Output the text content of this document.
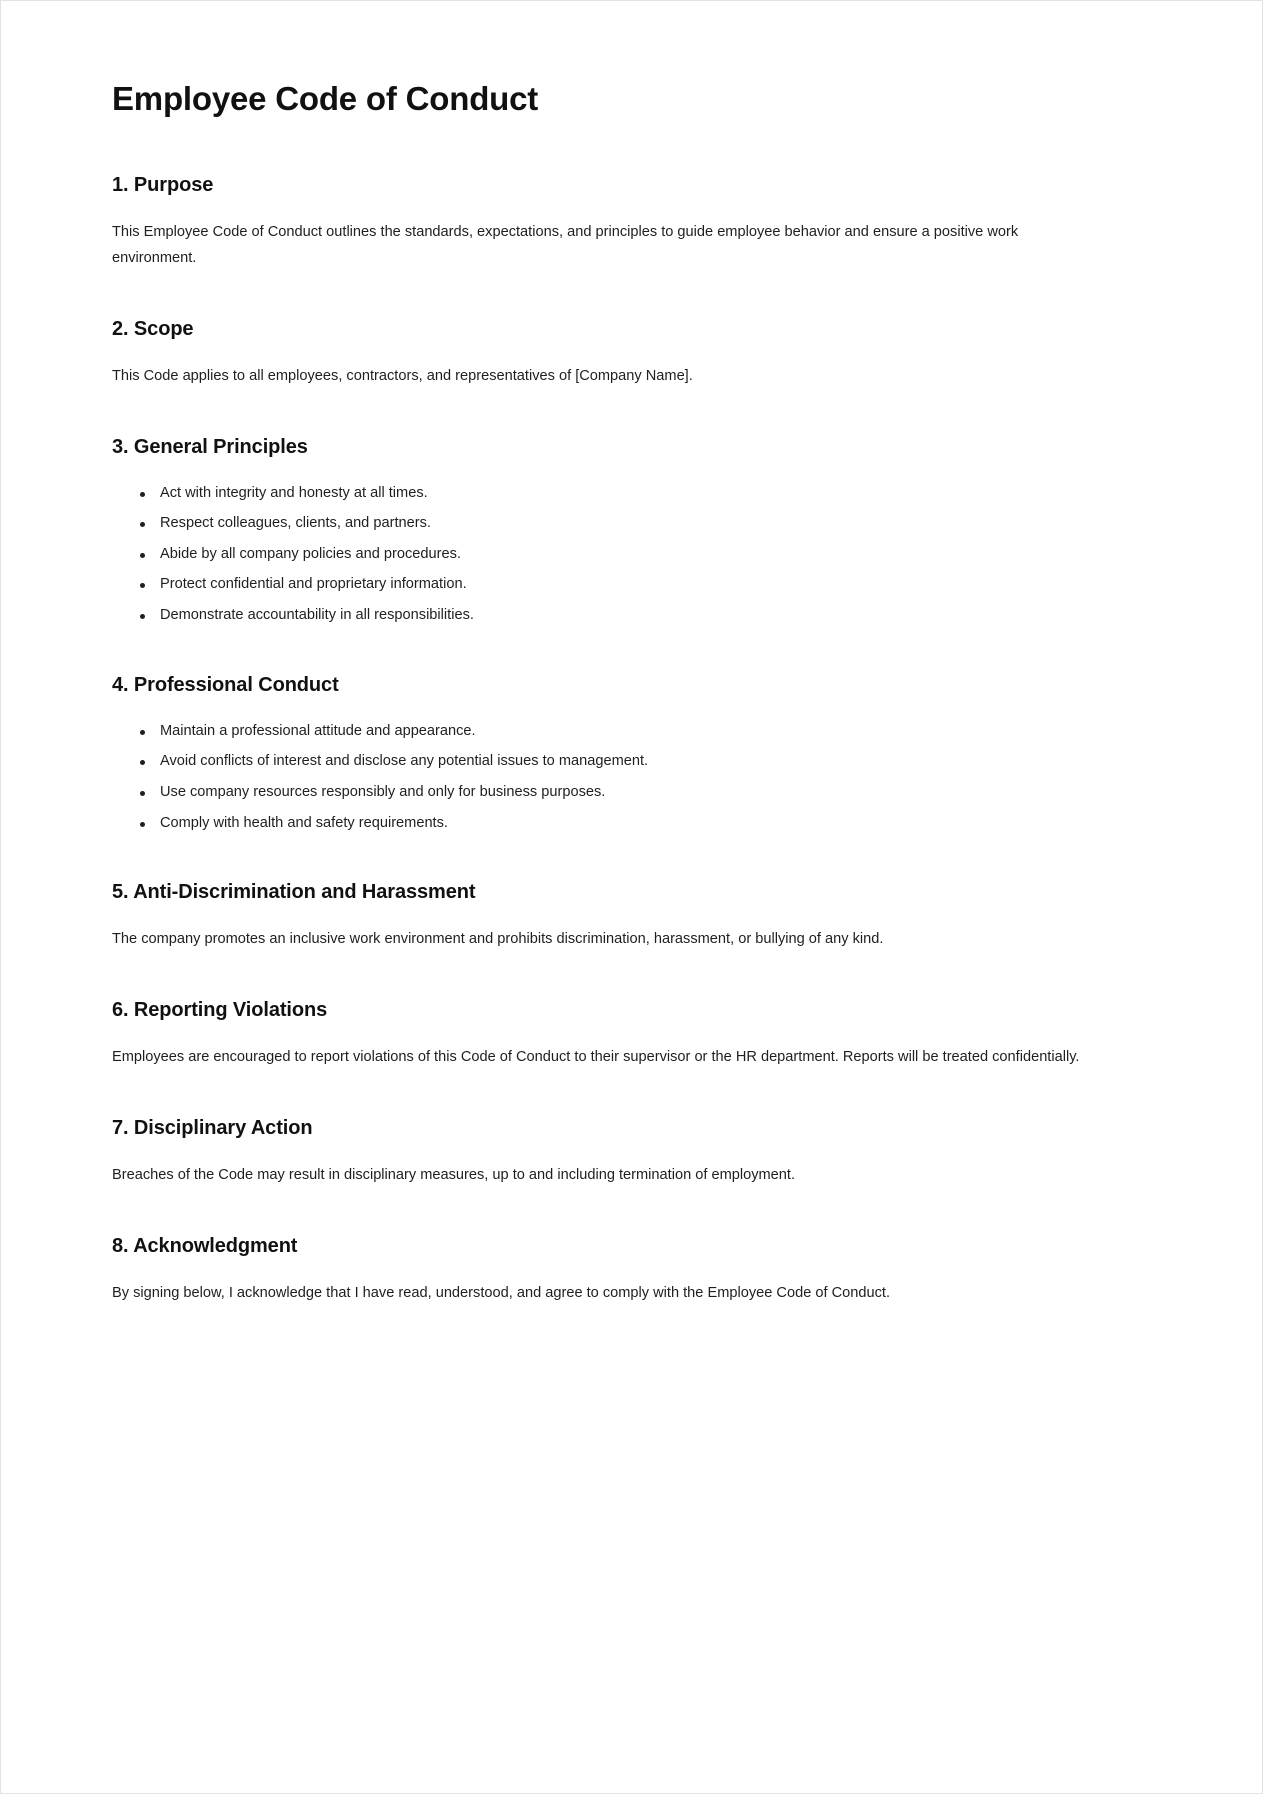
Employee Code of Conduct
1. Purpose

This Employee Code of Conduct outlines the standards, expectations, and principles to guide employee behavior and ensure a positive work environment.

2. Scope

This Code applies to all employees, contractors, and representatives of [Company Name].

3. General Principles
Act with integrity and honesty at all times.
Respect colleagues, clients, and partners.
Abide by all company policies and procedures.
Protect confidential and proprietary information.
Demonstrate accountability in all responsibilities.
4. Professional Conduct
Maintain a professional attitude and appearance.
Avoid conflicts of interest and disclose any potential issues to management.
Use company resources responsibly and only for business purposes.
Comply with health and safety requirements.
5. Anti-Discrimination and Harassment

The company promotes an inclusive work environment and prohibits discrimination, harassment, or bullying of any kind.

6. Reporting Violations

Employees are encouraged to report violations of this Code of Conduct to their supervisor or the HR department. Reports will be treated confidentially.

7. Disciplinary Action

Breaches of the Code may result in disciplinary measures, up to and including termination of employment.

8. Acknowledgment

By signing below, I acknowledge that I have read, understood, and agree to comply with the Employee Code of Conduct.
